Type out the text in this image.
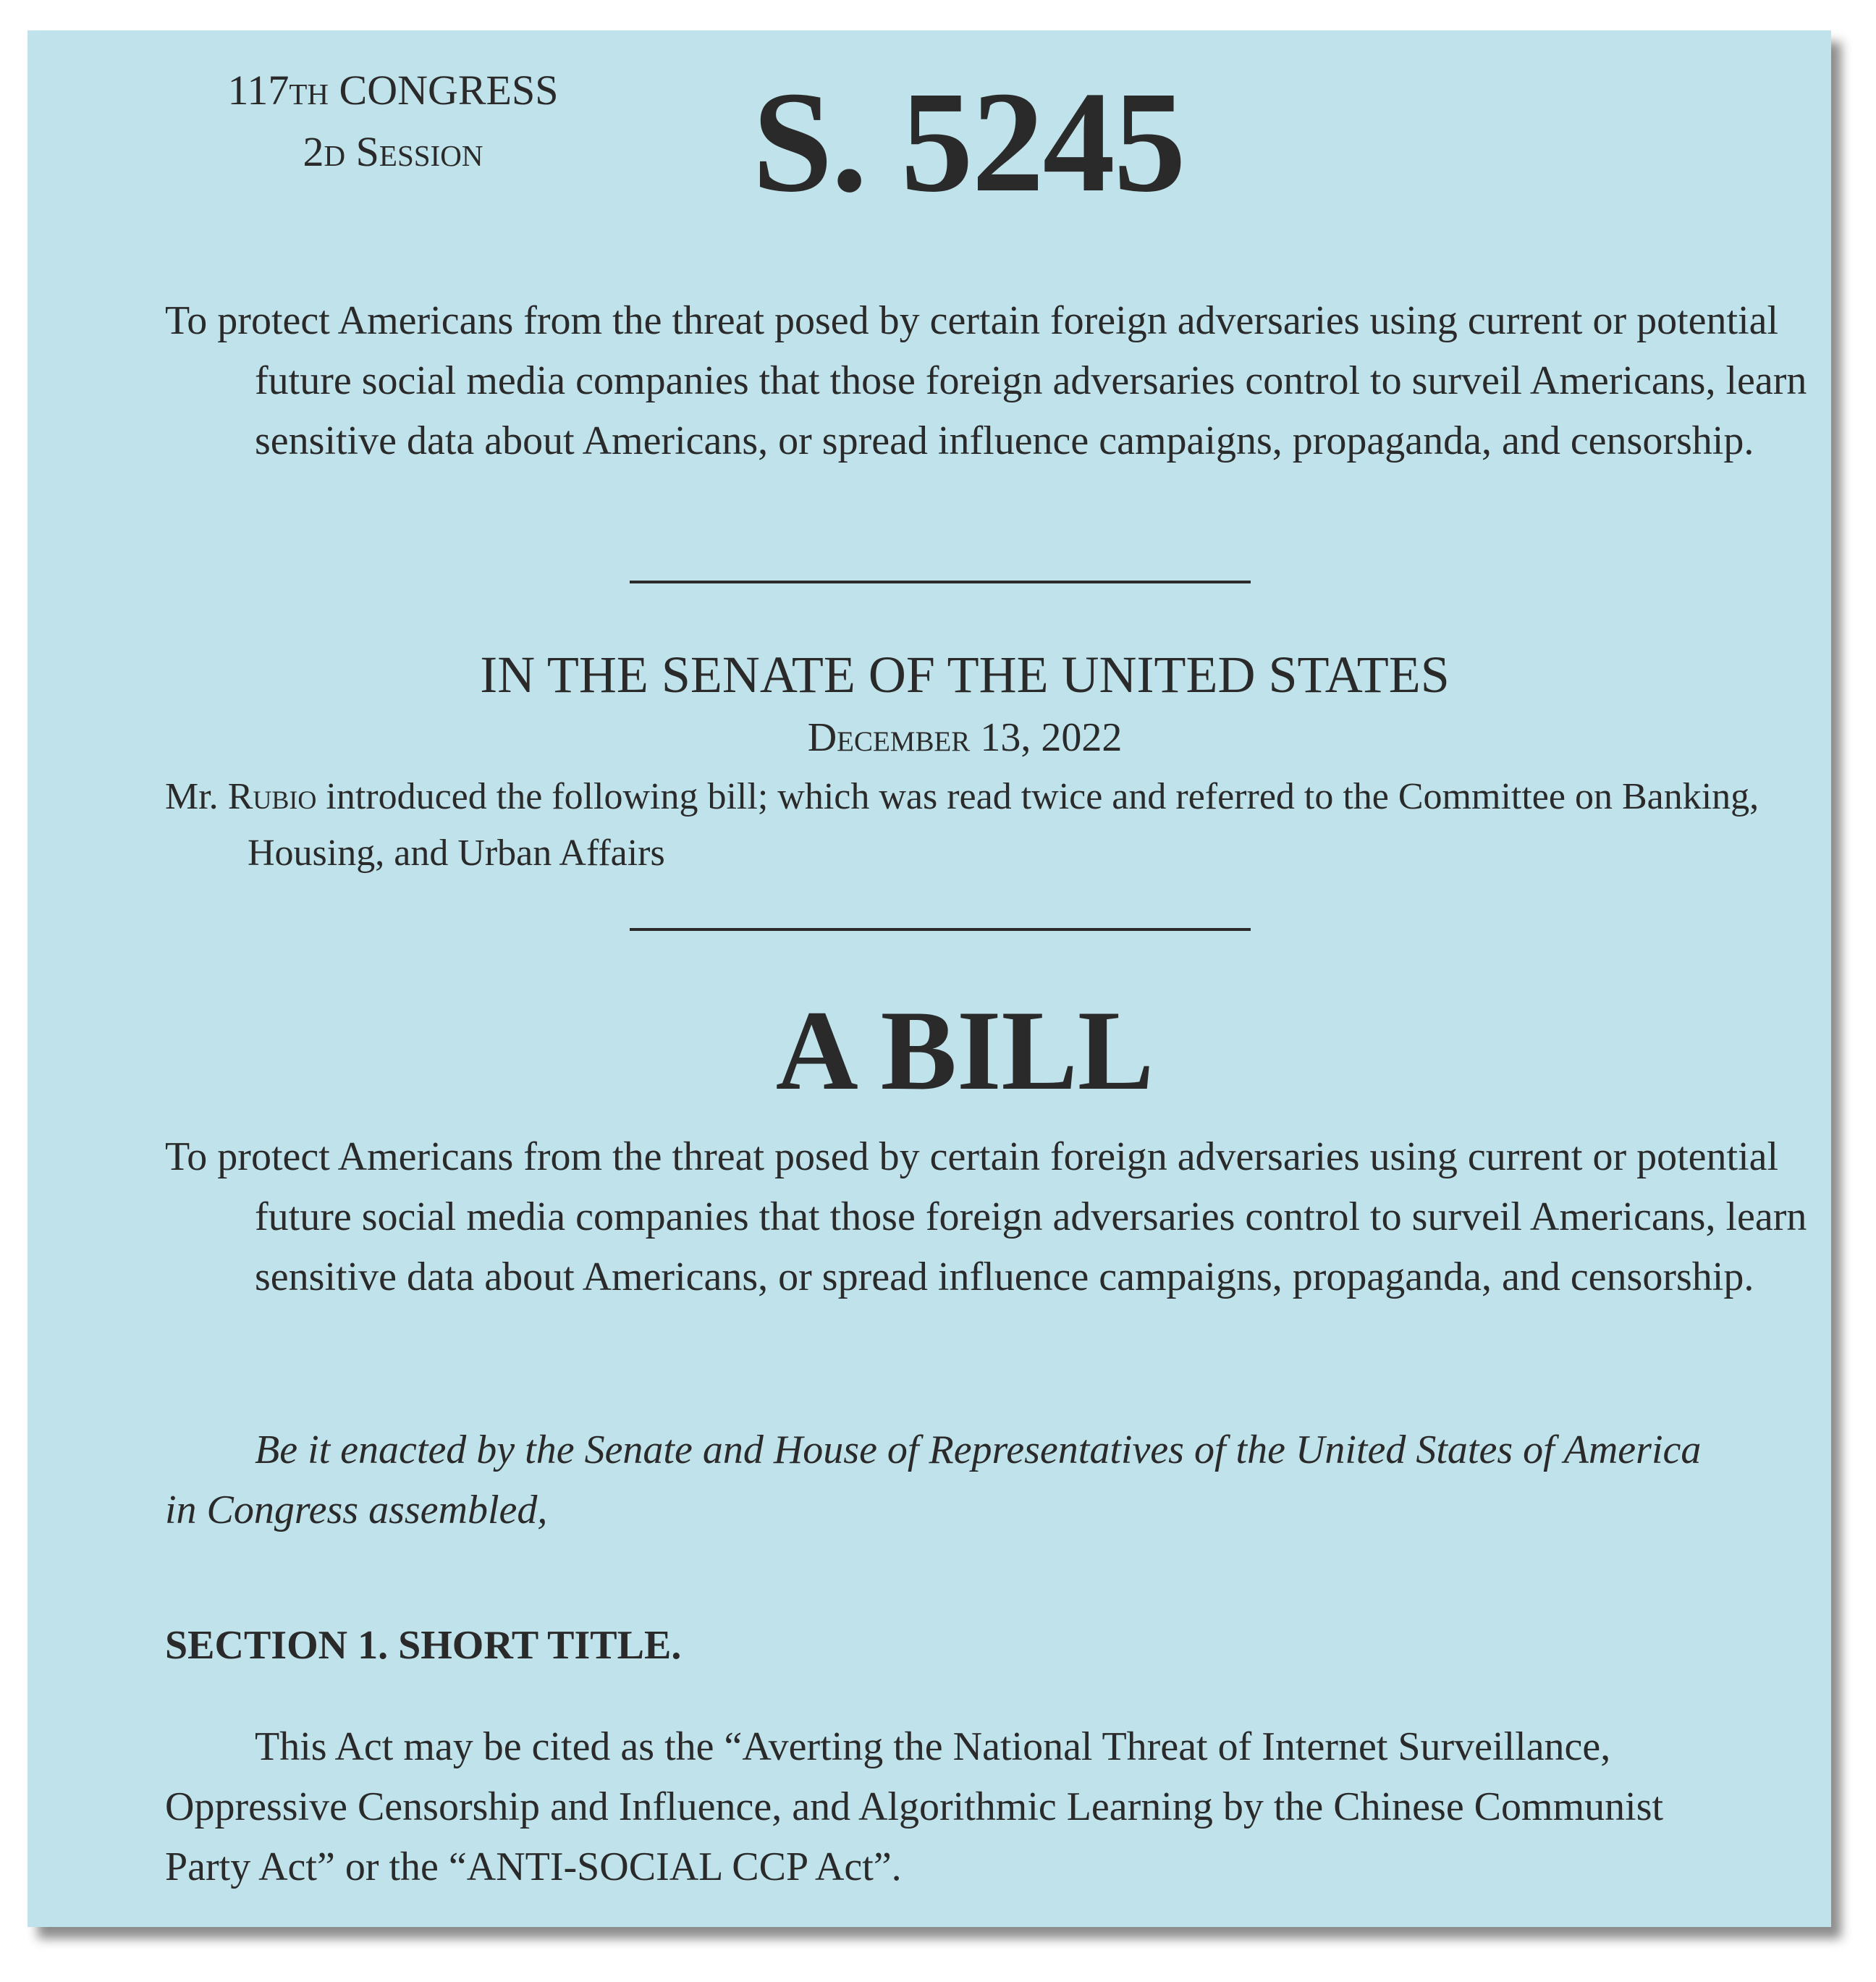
117th CONGRESS
2d Session	S. 5245

To protect Americans from the threat posed by certain foreign adversaries using current or potential future social media companies that those foreign adversaries control to surveil Americans, learn sensitive data about Americans, or spread influence campaigns, propaganda, and censorship.

IN THE SENATE OF THE UNITED STATES
December 13, 2022

Mr. Rubio introduced the following bill; which was read twice and referred to the Committee on Banking, Housing, and Urban Affairs

A BILL

To protect Americans from the threat posed by certain foreign adversaries using current or potential future social media companies that those foreign adversaries control to surveil Americans, learn sensitive data about Americans, or spread influence campaigns, propaganda, and censorship.

Be it enacted by the Senate and House of Representatives of the United States of America in Congress assembled,

SECTION 1. SHORT TITLE.

This Act may be cited as the “Averting the National Threat of Internet Surveillance, Oppressive Censorship and Influence, and Algorithmic Learning by the Chinese Communist Party Act” or the “ANTI-SOCIAL CCP Act”.
